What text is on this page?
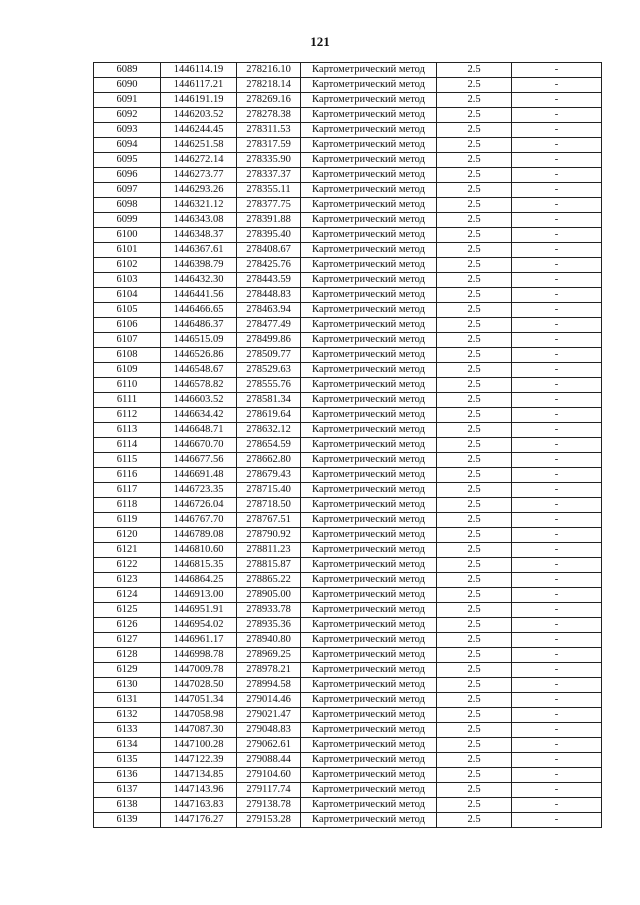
121
6089	1446114.19	278216.10	Картометрический метод	2.5	-
6090	1446117.21	278218.14	Картометрический метод	2.5	-
6091	1446191.19	278269.16	Картометрический метод	2.5	-
6092	1446203.52	278278.38	Картометрический метод	2.5	-
6093	1446244.45	278311.53	Картометрический метод	2.5	-
6094	1446251.58	278317.59	Картометрический метод	2.5	-
6095	1446272.14	278335.90	Картометрический метод	2.5	-
6096	1446273.77	278337.37	Картометрический метод	2.5	-
6097	1446293.26	278355.11	Картометрический метод	2.5	-
6098	1446321.12	278377.75	Картометрический метод	2.5	-
6099	1446343.08	278391.88	Картометрический метод	2.5	-
6100	1446348.37	278395.40	Картометрический метод	2.5	-
6101	1446367.61	278408.67	Картометрический метод	2.5	-
6102	1446398.79	278425.76	Картометрический метод	2.5	-
6103	1446432.30	278443.59	Картометрический метод	2.5	-
6104	1446441.56	278448.83	Картометрический метод	2.5	-
6105	1446466.65	278463.94	Картометрический метод	2.5	-
6106	1446486.37	278477.49	Картометрический метод	2.5	-
6107	1446515.09	278499.86	Картометрический метод	2.5	-
6108	1446526.86	278509.77	Картометрический метод	2.5	-
6109	1446548.67	278529.63	Картометрический метод	2.5	-
6110	1446578.82	278555.76	Картометрический метод	2.5	-
6111	1446603.52	278581.34	Картометрический метод	2.5	-
6112	1446634.42	278619.64	Картометрический метод	2.5	-
6113	1446648.71	278632.12	Картометрический метод	2.5	-
6114	1446670.70	278654.59	Картометрический метод	2.5	-
6115	1446677.56	278662.80	Картометрический метод	2.5	-
6116	1446691.48	278679.43	Картометрический метод	2.5	-
6117	1446723.35	278715.40	Картометрический метод	2.5	-
6118	1446726.04	278718.50	Картометрический метод	2.5	-
6119	1446767.70	278767.51	Картометрический метод	2.5	-
6120	1446789.08	278790.92	Картометрический метод	2.5	-
6121	1446810.60	278811.23	Картометрический метод	2.5	-
6122	1446815.35	278815.87	Картометрический метод	2.5	-
6123	1446864.25	278865.22	Картометрический метод	2.5	-
6124	1446913.00	278905.00	Картометрический метод	2.5	-
6125	1446951.91	278933.78	Картометрический метод	2.5	-
6126	1446954.02	278935.36	Картометрический метод	2.5	-
6127	1446961.17	278940.80	Картометрический метод	2.5	-
6128	1446998.78	278969.25	Картометрический метод	2.5	-
6129	1447009.78	278978.21	Картометрический метод	2.5	-
6130	1447028.50	278994.58	Картометрический метод	2.5	-
6131	1447051.34	279014.46	Картометрический метод	2.5	-
6132	1447058.98	279021.47	Картометрический метод	2.5	-
6133	1447087.30	279048.83	Картометрический метод	2.5	-
6134	1447100.28	279062.61	Картометрический метод	2.5	-
6135	1447122.39	279088.44	Картометрический метод	2.5	-
6136	1447134.85	279104.60	Картометрический метод	2.5	-
6137	1447143.96	279117.74	Картометрический метод	2.5	-
6138	1447163.83	279138.78	Картометрический метод	2.5	-
6139	1447176.27	279153.28	Картометрический метод	2.5	-
